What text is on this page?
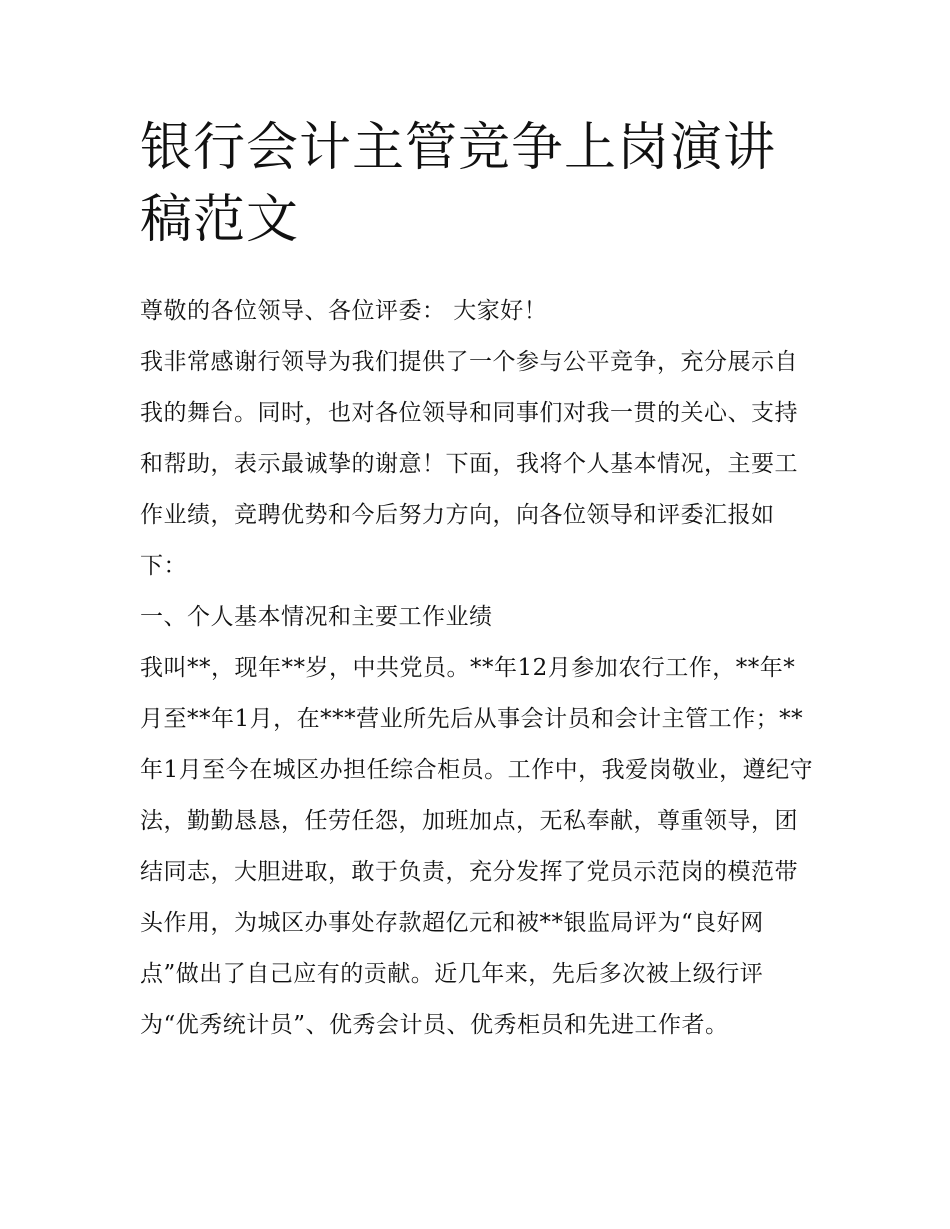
银行会计主管竞争上岗演讲稿范文

尊敬的各位领导、各位评委： 大家好！

我非常感谢行领导为我们提供了一个参与公平竞争，充分展示自我的舞台。同时，也对各位领导和同事们对我一贯的关心、支持和帮助，表示最诚挚的谢意！下面，我将个人基本情况，主要工作业绩，竞聘优势和今后努力方向，向各位领导和评委汇报如下：

一、个人基本情况和主要工作业绩

我叫**，现年**岁，中共党员。**年12月参加农行工作，**年*月至**年1月，在***营业所先后从事会计员和会计主管工作；**年1月至今在城区办担任综合柜员。工作中，我爱岗敬业，遵纪守法，勤勤恳恳，任劳任怨，加班加点，无私奉献，尊重领导，团结同志，大胆进取，敢于负责，充分发挥了党员示范岗的模范带头作用，为城区办事处存款超亿元和被**银监局评为“良好网点”做出了自己应有的贡献。近几年来，先后多次被上级行评为“优秀统计员”、优秀会计员、优秀柜员和先进工作者。
